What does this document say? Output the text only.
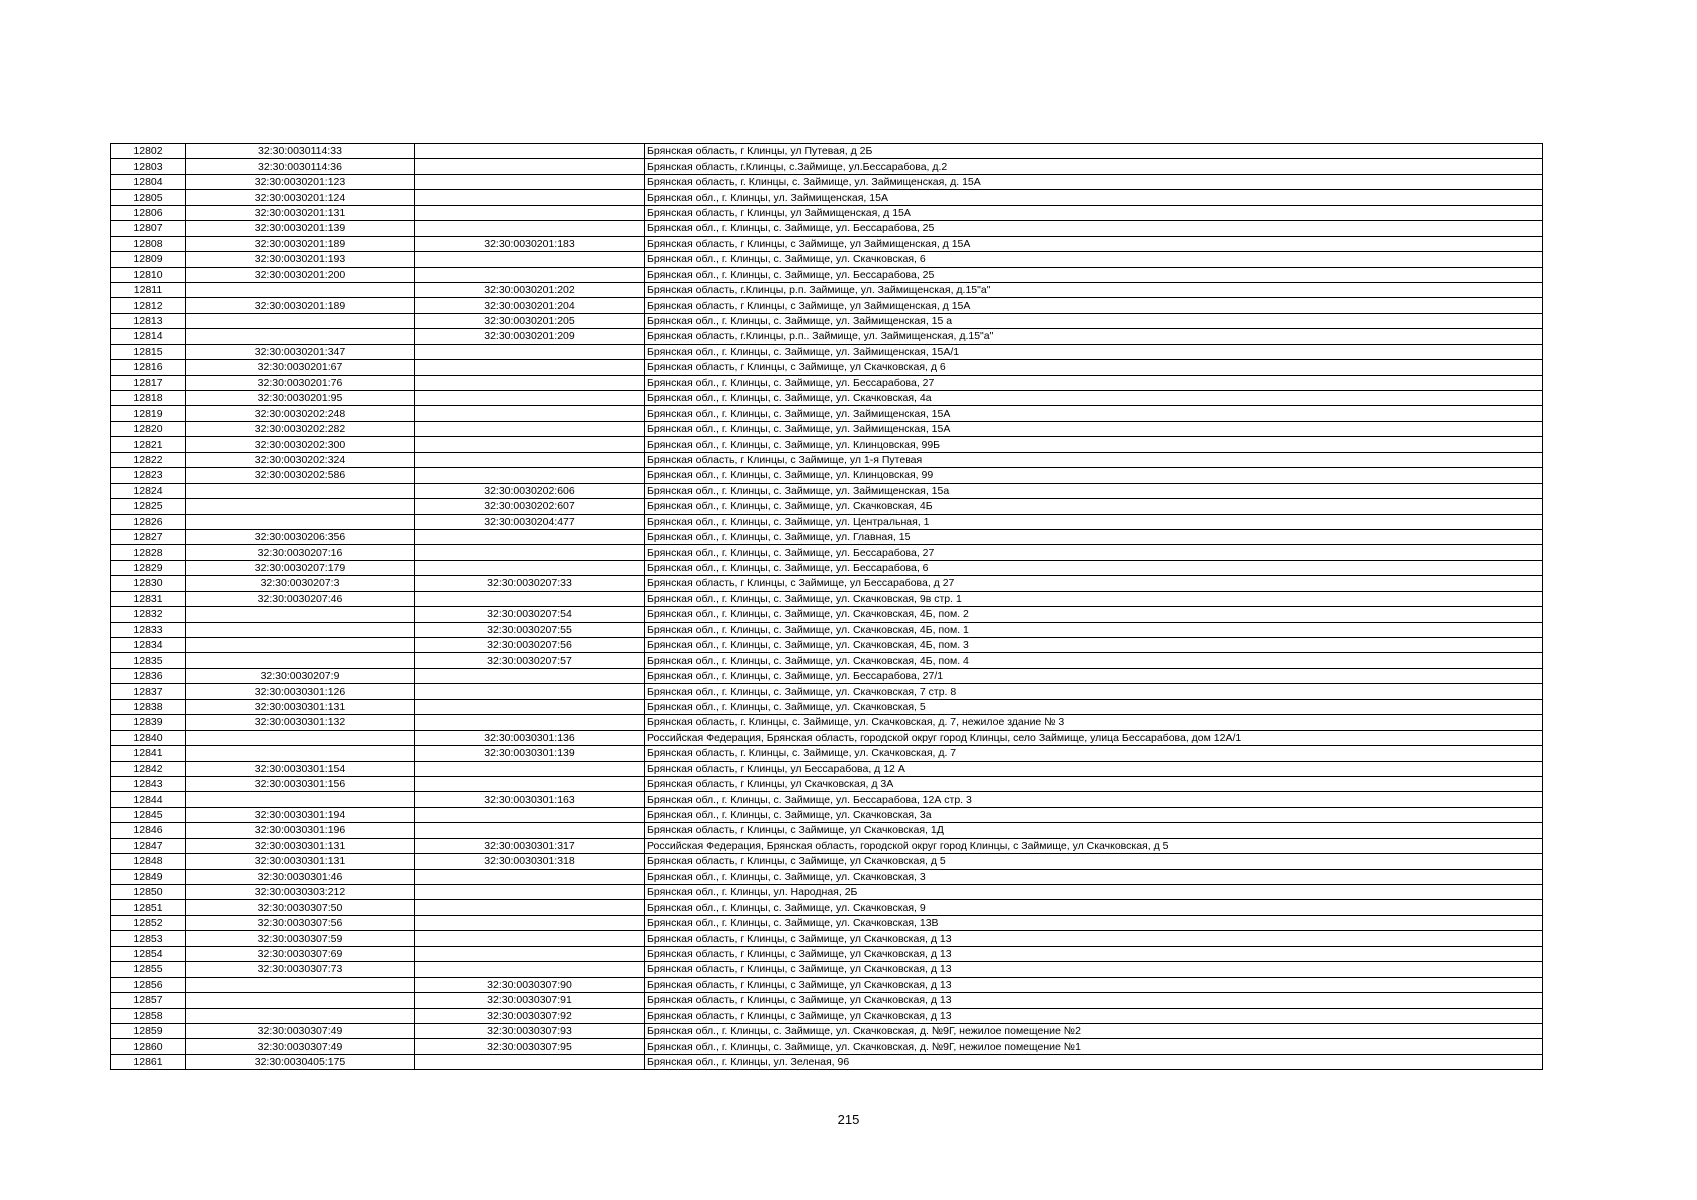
12802	32:30:0030114:33		Брянская область, г Клинцы, ул Путевая, д 2Б
12803	32:30:0030114:36		Брянская область, г.Клинцы, с.Займище, ул.Бессарабова, д.2
12804	32:30:0030201:123		Брянская область, г. Клинцы, с. Займище, ул. Займищенская, д. 15А
12805	32:30:0030201:124		Брянская обл., г. Клинцы, ул. Займищенская, 15А
12806	32:30:0030201:131		Брянская область, г Клинцы, ул Займищенская, д 15А
12807	32:30:0030201:139		Брянская обл., г. Клинцы, с. Займище, ул. Бессарабова, 25
12808	32:30:0030201:189	32:30:0030201:183	Брянская область, г Клинцы, с Займище, ул Займищенская, д 15А
12809	32:30:0030201:193		Брянская обл., г. Клинцы, с. Займище, ул. Скачковская, 6
12810	32:30:0030201:200		Брянская обл., г. Клинцы, с. Займище, ул. Бессарабова, 25
12811		32:30:0030201:202	Брянская область, г.Клинцы, р.п. Займище, ул. Займищенская, д.15"а"
12812	32:30:0030201:189	32:30:0030201:204	Брянская область, г Клинцы, с Займище, ул Займищенская, д 15А
12813		32:30:0030201:205	Брянская обл., г. Клинцы, с. Займище, ул. Займищенская, 15 а
12814		32:30:0030201:209	Брянская область, г.Клинцы, р.п.. Займище, ул. Займищенская, д.15"а"
12815	32:30:0030201:347		Брянская обл., г. Клинцы, с. Займище, ул. Займищенская, 15А/1
12816	32:30:0030201:67		Брянская область, г Клинцы, с Займище, ул Скачковская, д 6
12817	32:30:0030201:76		Брянская обл., г. Клинцы, с. Займище, ул. Бессарабова, 27
12818	32:30:0030201:95		Брянская обл., г. Клинцы, с. Займище, ул. Скачковская, 4а
12819	32:30:0030202:248		Брянская обл., г. Клинцы, с. Займище, ул. Займищенская, 15А
12820	32:30:0030202:282		Брянская обл., г. Клинцы, с. Займище, ул. Займищенская, 15А
12821	32:30:0030202:300		Брянская обл., г. Клинцы, с. Займище, ул. Клинцовская, 99Б
12822	32:30:0030202:324		Брянская область, г Клинцы, с Займище, ул 1-я Путевая
12823	32:30:0030202:586		Брянская обл., г. Клинцы, с. Займище, ул. Клинцовская, 99
12824		32:30:0030202:606	Брянская обл., г. Клинцы, с. Займище, ул. Займищенская, 15а
12825		32:30:0030202:607	Брянская обл., г. Клинцы, с. Займище, ул. Скачковская, 4Б
12826		32:30:0030204:477	Брянская обл., г. Клинцы, с. Займище, ул. Центральная, 1
12827	32:30:0030206:356		Брянская обл., г. Клинцы, с. Займище, ул. Главная, 15
12828	32:30:0030207:16		Брянская обл., г. Клинцы, с. Займище, ул. Бессарабова, 27
12829	32:30:0030207:179		Брянская обл., г. Клинцы, с. Займище, ул. Бессарабова, 6
12830	32:30:0030207:3	32:30:0030207:33	Брянская область, г Клинцы, с Займище, ул Бессарабова, д 27
12831	32:30:0030207:46		Брянская обл., г. Клинцы, с. Займище, ул. Скачковская, 9в стр. 1
12832		32:30:0030207:54	Брянская обл., г. Клинцы, с. Займище, ул. Скачковская, 4Б, пом. 2
12833		32:30:0030207:55	Брянская обл., г. Клинцы, с. Займище, ул. Скачковская, 4Б, пом. 1
12834		32:30:0030207:56	Брянская обл., г. Клинцы, с. Займище, ул. Скачковская, 4Б, пом. 3
12835		32:30:0030207:57	Брянская обл., г. Клинцы, с. Займище, ул. Скачковская, 4Б, пом. 4
12836	32:30:0030207:9		Брянская обл., г. Клинцы, с. Займище, ул. Бессарабова, 27/1
12837	32:30:0030301:126		Брянская обл., г. Клинцы, с. Займище, ул. Скачковская, 7 стр. 8
12838	32:30:0030301:131		Брянская обл., г. Клинцы, с. Займище, ул. Скачковская, 5
12839	32:30:0030301:132		Брянская область, г. Клинцы, с. Займище, ул. Скачковская, д. 7, нежилое здание № 3
12840		32:30:0030301:136	Российская Федерация, Брянская область, городской округ город Клинцы, село Займище, улица Бессарабова, дом 12А/1
12841		32:30:0030301:139	Брянская область, г. Клинцы, с. Займище, ул. Скачковская, д. 7
12842	32:30:0030301:154		Брянская область, г Клинцы, ул Бессарабова, д 12 А
12843	32:30:0030301:156		Брянская область, г Клинцы, ул Скачковская, д 3А
12844		32:30:0030301:163	Брянская обл., г. Клинцы, с. Займище, ул. Бессарабова, 12А стр. 3
12845	32:30:0030301:194		Брянская обл., г. Клинцы, с. Займище, ул. Скачковская, 3а
12846	32:30:0030301:196		Брянская область, г Клинцы, с Займище, ул Скачковская, 1Д
12847	32:30:0030301:131	32:30:0030301:317	Российская Федерация, Брянская область, городской округ город Клинцы, с Займище, ул Скачковская, д 5
12848	32:30:0030301:131	32:30:0030301:318	Брянская область, г Клинцы, с Займище, ул Скачковская, д 5
12849	32:30:0030301:46		Брянская обл., г. Клинцы, с. Займище, ул. Скачковская, 3
12850	32:30:0030303:212		Брянская обл., г. Клинцы, ул. Народная, 2Б
12851	32:30:0030307:50		Брянская обл., г. Клинцы, с. Займище, ул. Скачковская, 9
12852	32:30:0030307:56		Брянская обл., г. Клинцы, с. Займище, ул. Скачковская, 13В
12853	32:30:0030307:59		Брянская область, г Клинцы, с Займище, ул Скачковская, д 13
12854	32:30:0030307:69		Брянская область, г Клинцы, с Займище, ул Скачковская, д 13
12855	32:30:0030307:73		Брянская область, г Клинцы, с Займище, ул Скачковская, д 13
12856		32:30:0030307:90	Брянская область, г Клинцы, с Займище, ул Скачковская, д 13
12857		32:30:0030307:91	Брянская область, г Клинцы, с Займище, ул Скачковская, д 13
12858		32:30:0030307:92	Брянская область, г Клинцы, с Займище, ул Скачковская, д 13
12859	32:30:0030307:49	32:30:0030307:93	Брянская обл., г. Клинцы, с. Займище, ул. Скачковская, д. №9Г, нежилое помещение №2
12860	32:30:0030307:49	32:30:0030307:95	Брянская обл., г. Клинцы, с. Займище, ул. Скачковская, д. №9Г, нежилое помещение №1
12861	32:30:0030405:175		Брянская обл., г. Клинцы, ул. Зеленая, 96
215
